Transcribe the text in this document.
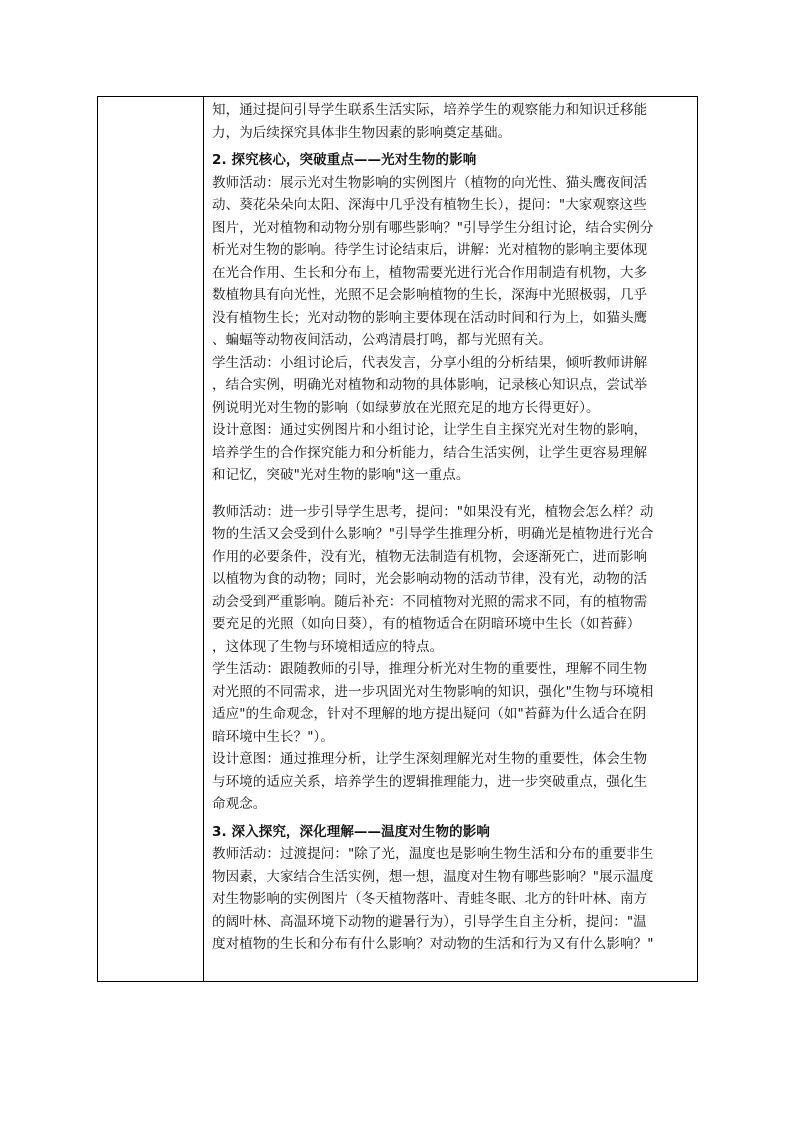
知，通过提问引导学生联系生活实际，培养学生的观察能力和知识迁移能

力，为后续探究具体非生物因素的影响奠定基础。

2. 探究核心，突破重点——光对生物的影响

教师活动：展示光对生物影响的实例图片（植物的向光性、猫头鹰夜间活

动、葵花朵朵向太阳、深海中几乎没有植物生长），提问："大家观察这些

图片，光对植物和动物分别有哪些影响？"引导学生分组讨论，结合实例分

析光对生物的影响。待学生讨论结束后，讲解：光对植物的影响主要体现

在光合作用、生长和分布上，植物需要光进行光合作用制造有机物，大多

数植物具有向光性，光照不足会影响植物的生长，深海中光照极弱，几乎

没有植物生长；光对动物的影响主要体现在活动时间和行为上，如猫头鹰

、蝙蝠等动物夜间活动，公鸡清晨打鸣，都与光照有关。

学生活动：小组讨论后，代表发言，分享小组的分析结果，倾听教师讲解

，结合实例，明确光对植物和动物的具体影响，记录核心知识点，尝试举

例说明光对生物的影响（如绿萝放在光照充足的地方长得更好）。

设计意图：通过实例图片和小组讨论，让学生自主探究光对生物的影响，

培养学生的合作探究能力和分析能力，结合生活实例，让学生更容易理解

和记忆，突破"光对生物的影响"这一重点。

教师活动：进一步引导学生思考，提问："如果没有光，植物会怎么样？动

物的生活又会受到什么影响？"引导学生推理分析，明确光是植物进行光合

作用的必要条件，没有光，植物无法制造有机物，会逐渐死亡，进而影响

以植物为食的动物；同时，光会影响动物的活动节律，没有光，动物的活

动会受到严重影响。随后补充：不同植物对光照的需求不同，有的植物需

要充足的光照（如向日葵），有的植物适合在阴暗环境中生长（如苔藓）

，这体现了生物与环境相适应的特点。

学生活动：跟随教师的引导，推理分析光对生物的重要性，理解不同生物

对光照的不同需求，进一步巩固光对生物影响的知识，强化"生物与环境相

适应"的生命观念，针对不理解的地方提出疑问（如"苔藓为什么适合在阴

暗环境中生长？"）。

设计意图：通过推理分析，让学生深刻理解光对生物的重要性，体会生物

与环境的适应关系，培养学生的逻辑推理能力，进一步突破重点，强化生

命观念。

3. 深入探究，深化理解——温度对生物的影响

教师活动：过渡提问："除了光，温度也是影响生物生活和分布的重要非生

物因素，大家结合生活实例，想一想，温度对生物有哪些影响？"展示温度

对生物影响的实例图片（冬天植物落叶、青蛙冬眠、北方的针叶林、南方

的阔叶林、高温环境下动物的避暑行为），引导学生自主分析，提问："温

度对植物的生长和分布有什么影响？对动物的生活和行为又有什么影响？"
